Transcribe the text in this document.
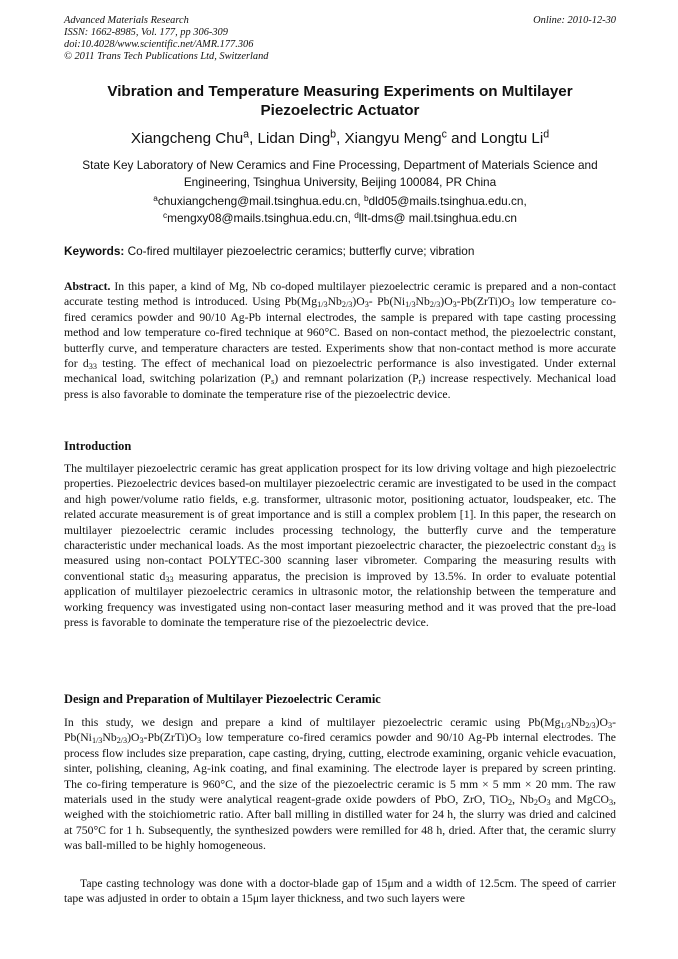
Advanced Materials Research
ISSN: 1662-8985, Vol. 177, pp 306-309
doi:10.4028/www.scientific.net/AMR.177.306
© 2011 Trans Tech Publications Ltd, Switzerland
Online: 2010-12-30
Vibration and Temperature Measuring Experiments on Multilayer Piezoelectric Actuator
Xiangcheng Chu$^a$, Lidan Ding$^b$, Xiangyu Meng$^c$ and Longtu Li$^d$
State Key Laboratory of New Ceramics and Fine Processing, Department of Materials Science and Engineering, Tsinghua University, Beijing 100084, PR China
$^a$chuxiangcheng@mail.tsinghua.edu.cn, $^b$dld05@mails.tsinghua.edu.cn,
$^c$mengxy08@mails.tsinghua.edu.cn, $^d$llt-dms@ mail.tsinghua.edu.cn
Keywords: Co-fired multilayer piezoelectric ceramics; butterfly curve; vibration
Abstract. In this paper, a kind of Mg, Nb co-doped multilayer piezoelectric ceramic is prepared and a non-contact accurate testing method is introduced. Using $Pb(Mg_{1/3}Nb_{2/3})O_3-$ $Pb(Ni_{1/3}Nb_{2/3})O_3-Pb(ZrTi)O_3$ low temperature co-fired ceramics powder and 90/10 Ag-Pb internal electrodes, the sample is prepared with tape casting processing method and low temperature co-fired technique at 960°C. Based on non-contact method, the piezoelectric constant, butterfly curve, and temperature characters are tested. Experiments show that non-contact method is more accurate for $d_{33}$ testing. The effect of mechanical load on piezoelectric performance is also investigated. Under external mechanical load, switching polarization $(P_s)$ and remnant polarization $(P_r)$ increase respectively. Mechanical load press is also favorable to dominate the temperature rise of the piezoelectric device.
Introduction
The multilayer piezoelectric ceramic has great application prospect for its low driving voltage and high piezoelectric properties. Piezoelectric devices based-on multilayer piezoelectric ceramic are investigated to be used in the compact and high power/volume ratio fields, e.g. transformer, ultrasonic motor, positioning actuator, loudspeaker, etc. The related accurate measurement is of great importance and is still a complex problem [1]. In this paper, the research on multilayer piezoelectric ceramic includes processing technology, the butterfly curve and the temperature characteristic under mechanical loads. As the most important piezoelectric character, the piezoelectric constant $d_{33}$ is measured using non-contact POLYTEC-300 scanning laser vibrometer. Comparing the measuring results with conventional static $d_{33}$ measuring apparatus, the precision is improved by 13.5%. In order to evaluate potential application of multilayer piezoelectric ceramics in ultrasonic motor, the relationship between the temperature and working frequency was investigated using non-contact laser measuring method and it was proved that the pre-load press is favorable to dominate the temperature rise of the piezoelectric device.
Design and Preparation of Multilayer Piezoelectric Ceramic
In this study, we design and prepare a kind of multilayer piezoelectric ceramic using $Pb(Mg_{1/3}Nb_{2/3})O_3-Pb(Ni_{1/3}Nb_{2/3})O_3-Pb(ZrTi)O_3$ low temperature co-fired ceramics powder and 90/10 Ag-Pb internal electrodes. The process flow includes size preparation, cape casting, drying, cutting, electrode examining, organic vehicle evacuation, sinter, polishing, cleaning, Ag-ink coating, and final examining. The electrode layer is prepared by screen printing. The co-firing temperature is 960°C, and the size of the piezoelectric ceramic is 5 mm × 5 mm × 20 mm. The raw materials used in the study were analytical reagent-grade oxide powders of PbO, ZrO, TiO$_2$, $Nb_2O_3$ and MgCO$_3$, weighed with the stoichiometric ratio. After ball milling in distilled water for 24 h, the slurry was dried and calcined at 750°C for 1 h. Subsequently, the synthesized powders were remilled for 48 h, dried. After that, the ceramic slurry was ball-milled to be highly homogeneous.
Tape casting technology was done with a doctor-blade gap of 15μm and a width of 12.5cm. The speed of carrier tape was adjusted in order to obtain a 15μm layer thickness, and two such layers were
